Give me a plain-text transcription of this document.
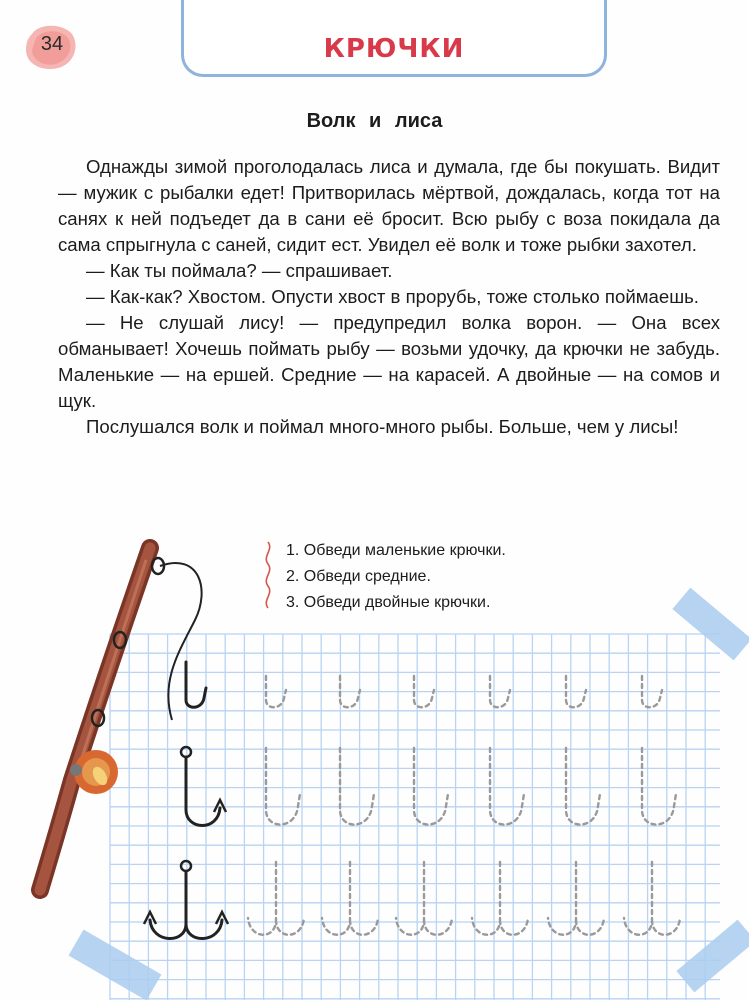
34	КРЮЧКИ
Волк и лиса

Однажды зимой проголодалась лиса и думала, где бы покушать. Видит — мужик с рыбалки едет! Притворилась мёртвой, дождалась, когда тот на санях к ней подъедет да в сани её бросит. Всю рыбу с воза покидала да сама спрыгнула с саней, сидит ест. Увидел её волк и тоже рыбки захотел.

— Как ты поймала? — спрашивает.

— Как-как? Хвостом. Опусти хвост в прорубь, тоже столько поймаешь.

— Не слушай лису! — предупредил волка ворон. — Она всех обманывает! Хочешь поймать рыбу — возьми удочку, да крючки не забудь. Маленькие — на ершей. Средние — на карасей. А двойные — на сомов и щук.

Послушался волк и поймал много-много рыбы. Больше, чем у лисы!

1. Обведи маленькие крючки.
2. Обведи средние.
3. Обведи двойные крючки.
